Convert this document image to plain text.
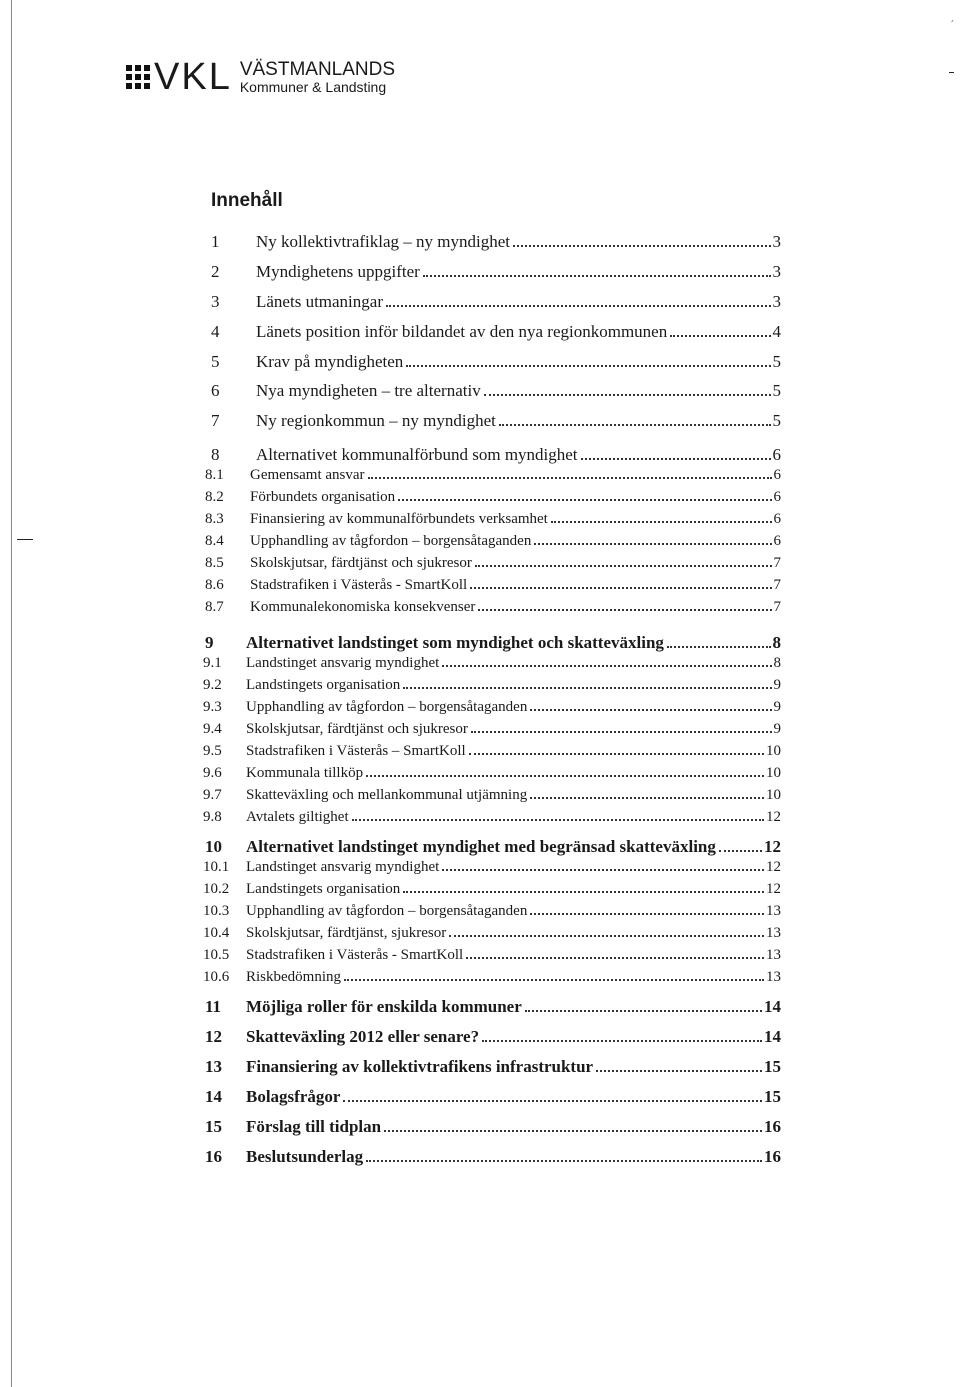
´
VKL VÄSTMANLANDS
Kommuner & Landsting
Innehåll
1 Ny kollektivtrafiklag – ny myndighet	3
2 Myndighetens uppgifter	3
3 Länets utmaningar	3
4 Länets position inför bildandet av den nya regionkommunen	4
5 Krav på myndigheten	5
6 Nya myndigheten – tre alternativ	5
7 Ny regionkommun – ny myndighet	5
8 Alternativet kommunalförbund som myndighet	6
8.1 Gemensamt ansvar	6
8.2 Förbundets organisation	6
8.3 Finansiering av kommunalförbundets verksamhet	6
8.4 Upphandling av tågfordon – borgensåtaganden	6
8.5 Skolskjutsar, färdtjänst och sjukresor	7
8.6 Stadstrafiken i Västerås - SmartKoll	7
8.7 Kommunalekonomiska konsekvenser	7
9 Alternativet landstinget som myndighet och skatteväxling	8
9.1 Landstinget ansvarig myndighet	8
9.2 Landstingets organisation	9
9.3 Upphandling av tågfordon – borgensåtaganden	9
9.4 Skolskjutsar, färdtjänst och sjukresor	9
9.5 Stadstrafiken i Västerås – SmartKoll	10
9.6 Kommunala tillköp	10
9.7 Skatteväxling och mellankommunal utjämning	10
9.8 Avtalets giltighet	12
10 Alternativet landstinget myndighet med begränsad skatteväxling	12
10.1 Landstinget ansvarig myndighet	12
10.2 Landstingets organisation	12
10.3 Upphandling av tågfordon – borgensåtaganden	13
10.4 Skolskjutsar, färdtjänst, sjukresor	13
10.5 Stadstrafiken i Västerås - SmartKoll	13
10.6 Riskbedömning	13
11 Möjliga roller för enskilda kommuner	14
12 Skatteväxling 2012 eller senare?	14
13 Finansiering av kollektivtrafikens infrastruktur	15
14 Bolagsfrågor	15
15 Förslag till tidplan	16
16 Beslutsunderlag	16
